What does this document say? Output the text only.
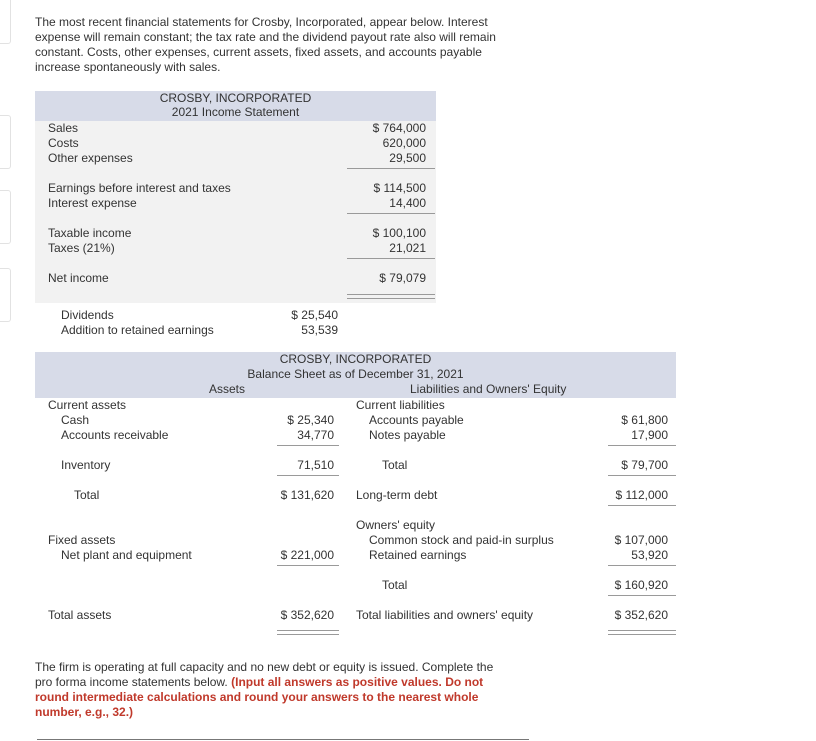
The most recent financial statements for Crosby, Incorporated, appear below. Interest
expense will remain constant; the tax rate and the dividend payout rate also will remain
constant. Costs, other expenses, current assets, fixed assets, and accounts payable
increase spontaneously with sales.
CROSBY, INCORPORATED
2021 Income Statement
Sales	$ 764,000
Costs	620,000
Other expenses	29,500
Earnings before interest and taxes	$ 114,500
Interest expense	14,400
Taxable income	$ 100,100
Taxes (21%)	21,021
Net income	$ 79,079
Dividends	$ 25,540
Addition to retained earnings	53,539
CROSBY, INCORPORATED
Balance Sheet as of December 31, 2021
Assets	Liabilities and Owners' Equity
Current assets
Cash	$ 25,340
Accounts receivable	34,770
Inventory	71,510
Total	$ 131,620
Fixed assets
Net plant and equipment	$ 221,000
Total assets	$ 352,620
Current liabilities
Accounts payable	$ 61,800
Notes payable	17,900
Total	$ 79,700
Long-term debt	$ 112,000
Owners' equity
Common stock and paid-in surplus	$ 107,000
Retained earnings	53,920
Total	$ 160,920
Total liabilities and owners' equity	$ 352,620
The firm is operating at full capacity and no new debt or equity is issued. Complete the
pro forma income statements below. (Input all answers as positive values. Do not
round intermediate calculations and round your answers to the nearest whole
number, e.g., 32.)
